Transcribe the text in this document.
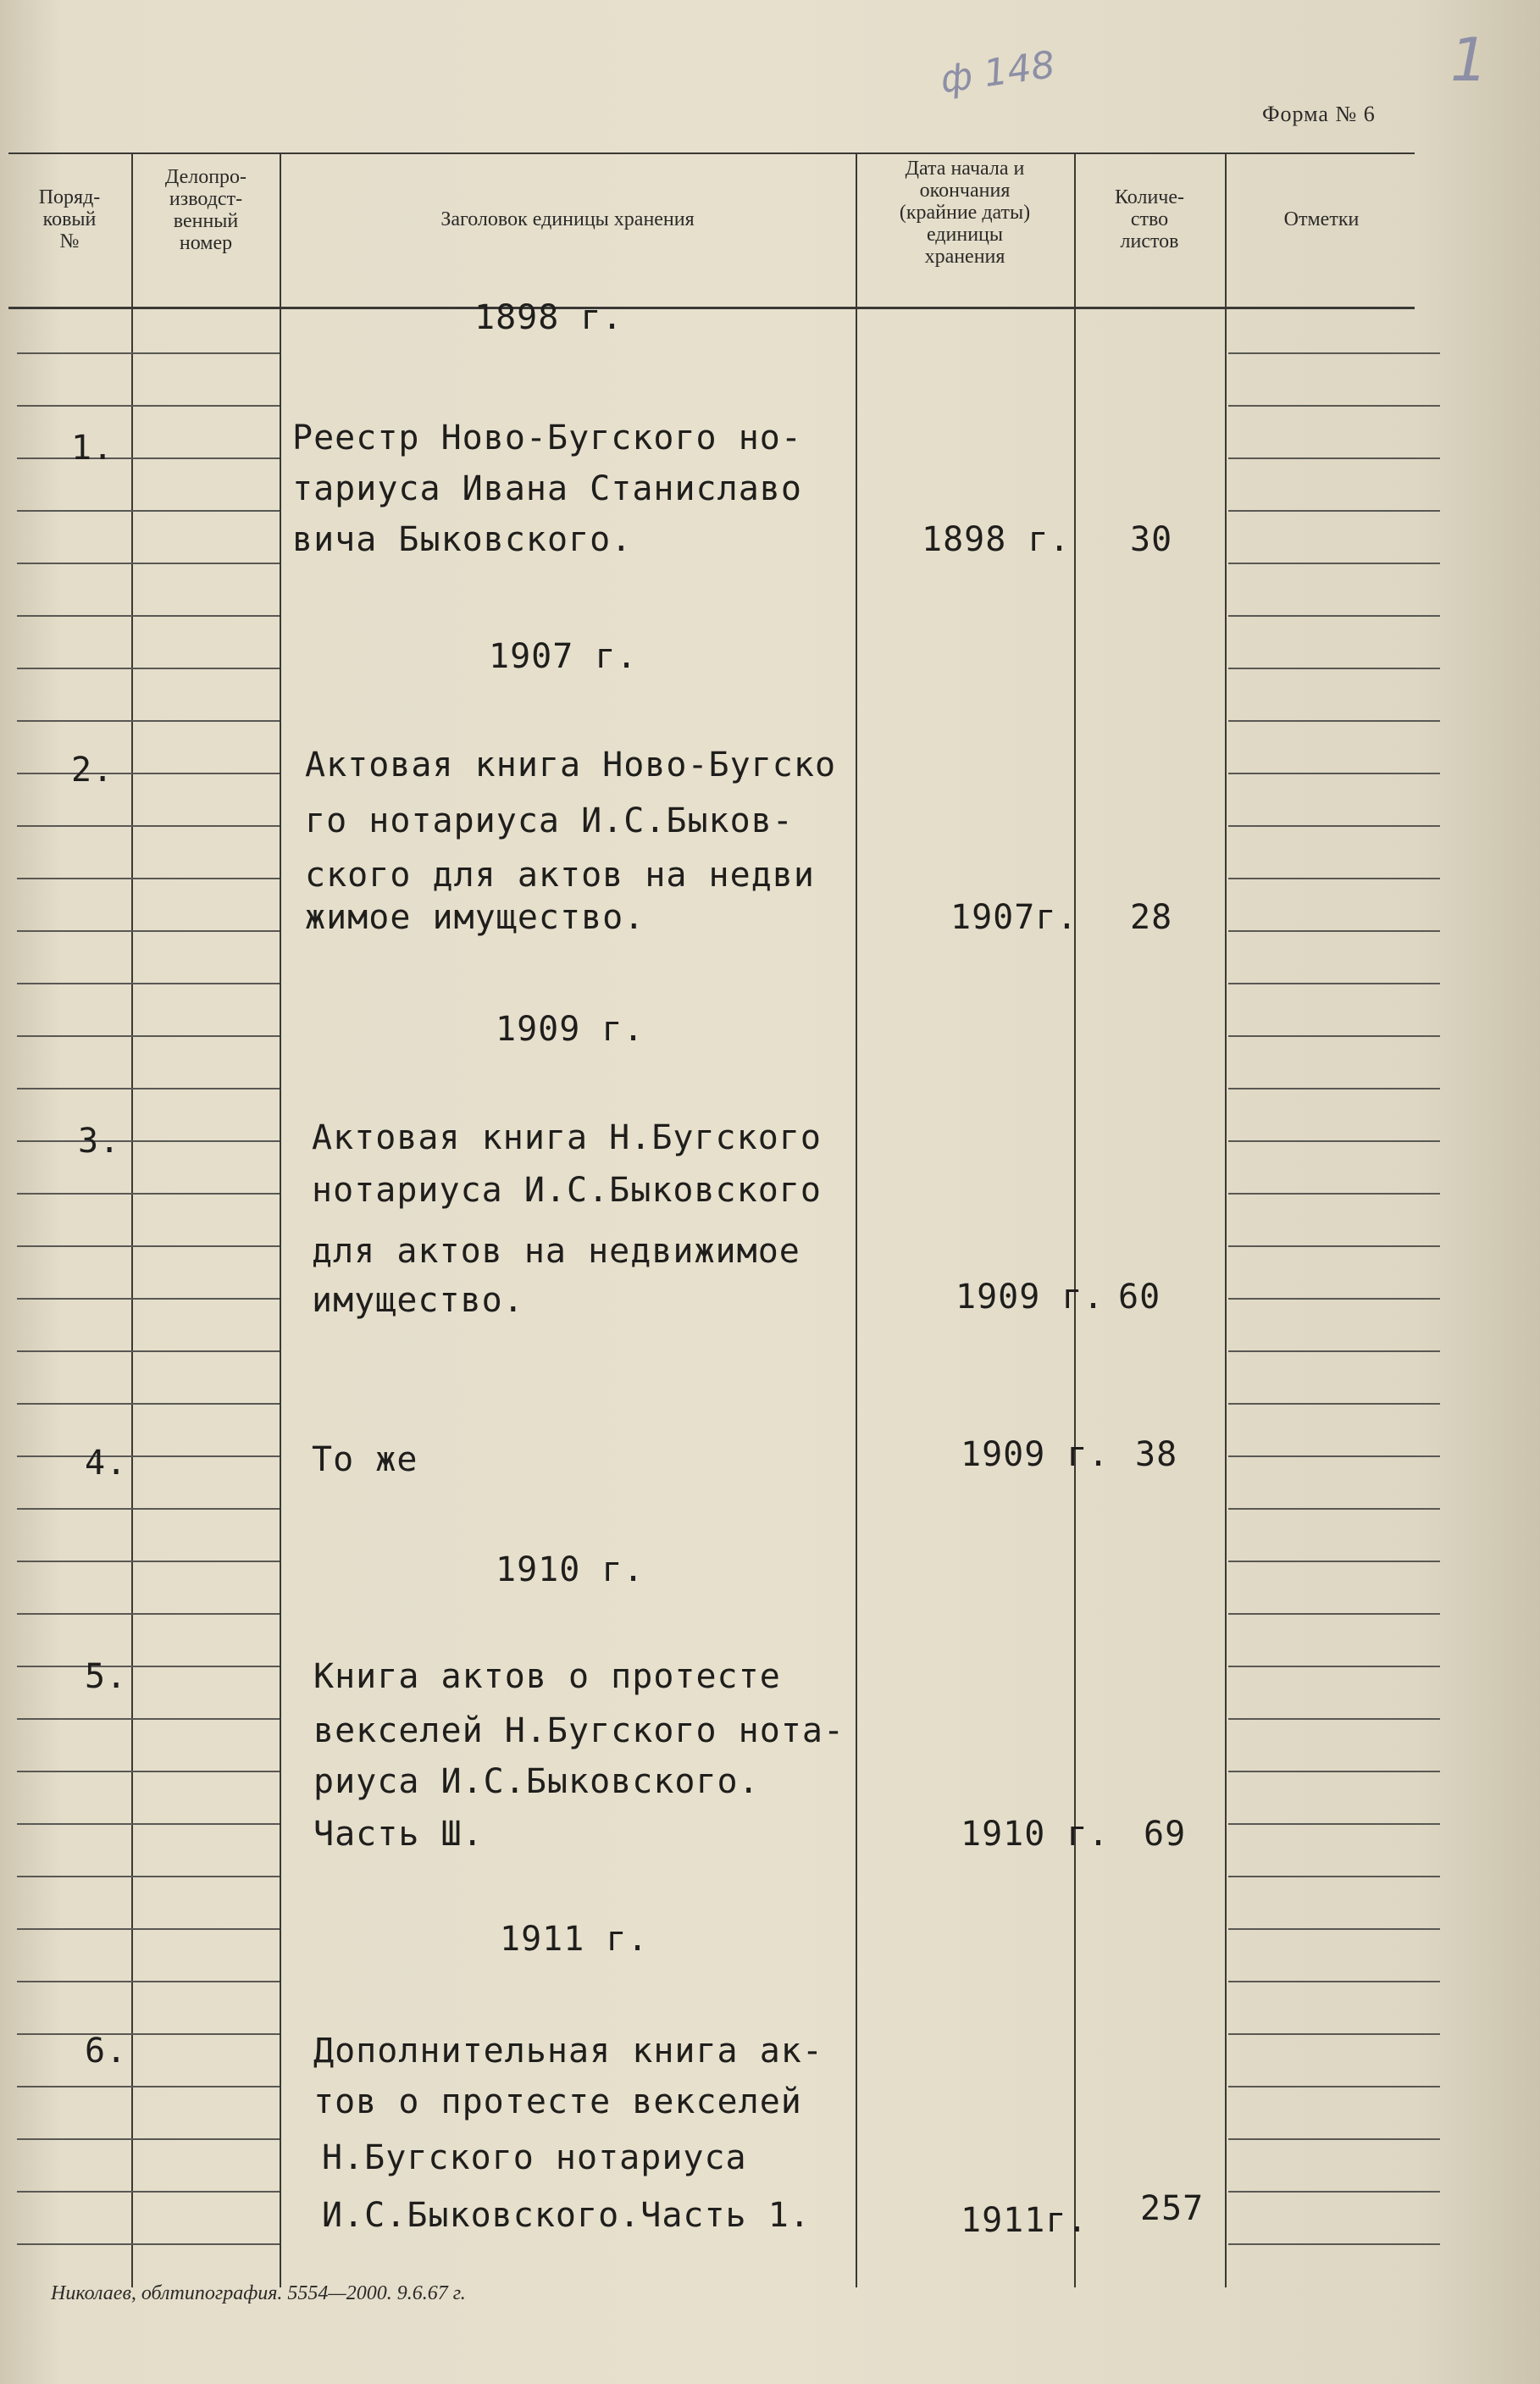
ф 148	1
Форма № 6
Поряд-
ковый
№
Делопро-
изводст-
венный
номер
Заголовок единицы хранения
Дата начала и
окончания
(крайние даты)
единицы
хранения
Количе-
ство
листов
Отметки
1898 г.
1.	Реестр Ново-Бугского но-
тариуса Ивана Станиславо
вича Быковского.	1898 г. 30
1907 г.
2.	Актовая книга Ново-Бугско
го нотариуса И.С.Быков-
ского для актов на недви
жимое имущество.	1907г. 28
1909 г.
3.	Актовая книга Н.Бугского
нотариуса И.С.Быковского
для актов на недвижимое
имущество.	1909 г. 60
4.	То же	1909 г. 38
1910 г.
5.	Книга актов о протесте
векселей Н.Бугского нота-
риуса И.С.Быковского.
Часть Ш.	1910 г. 69
1911 г.
6.	Дополнительная книга ак-
тов о протесте векселей
Н.Бугского нотариуса
И.С.Быковского.Часть 1.	1911г. 257
Николаев, облтипография. 5554—2000. 9.6.67 г.
